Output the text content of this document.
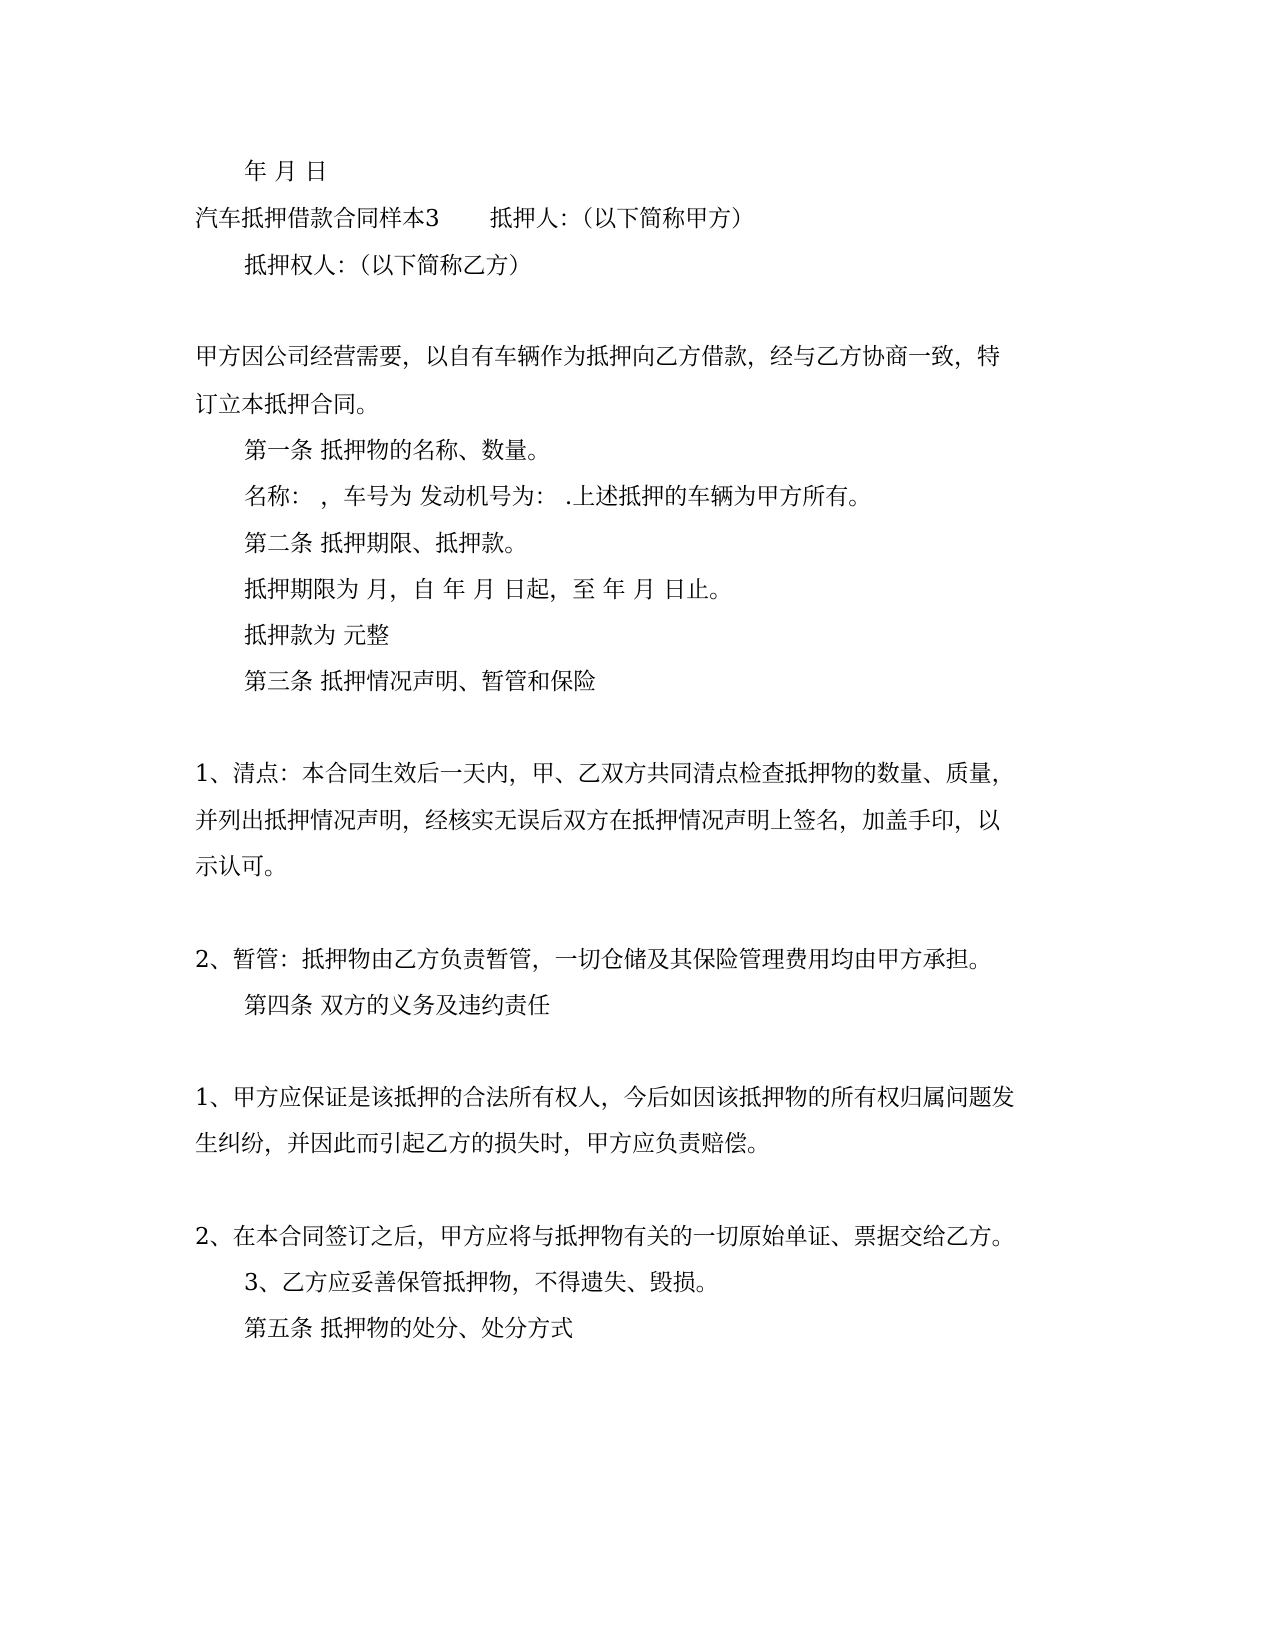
年 月 日
汽车抵押借款合同样本3 抵押人：（以下简称甲方）
抵押权人：（以下简称乙方）
甲方因公司经营需要，以自有车辆作为抵押向乙方借款，经与乙方协商一致，特
订立本抵押合同。
第一条 抵押物的名称、数量。
名称： ，车号为 发动机号为： .上述抵押的车辆为甲方所有。
第二条 抵押期限、抵押款。
抵押期限为 月，自 年 月 日起，至 年 月 日止。
抵押款为 元整
第三条 抵押情况声明、暂管和保险
1、清点：本合同生效后一天内，甲、乙双方共同清点检查抵押物的数量、质量，
并列出抵押情况声明，经核实无误后双方在抵押情况声明上签名，加盖手印，以
示认可。
2、暂管：抵押物由乙方负责暂管，一切仓储及其保险管理费用均由甲方承担。
第四条 双方的义务及违约责任
1、甲方应保证是该抵押的合法所有权人，今后如因该抵押物的所有权归属问题发
生纠纷，并因此而引起乙方的损失时，甲方应负责赔偿。
2、在本合同签订之后，甲方应将与抵押物有关的一切原始单证、票据交给乙方。
3、乙方应妥善保管抵押物，不得遗失、毁损。
第五条 抵押物的处分、处分方式
